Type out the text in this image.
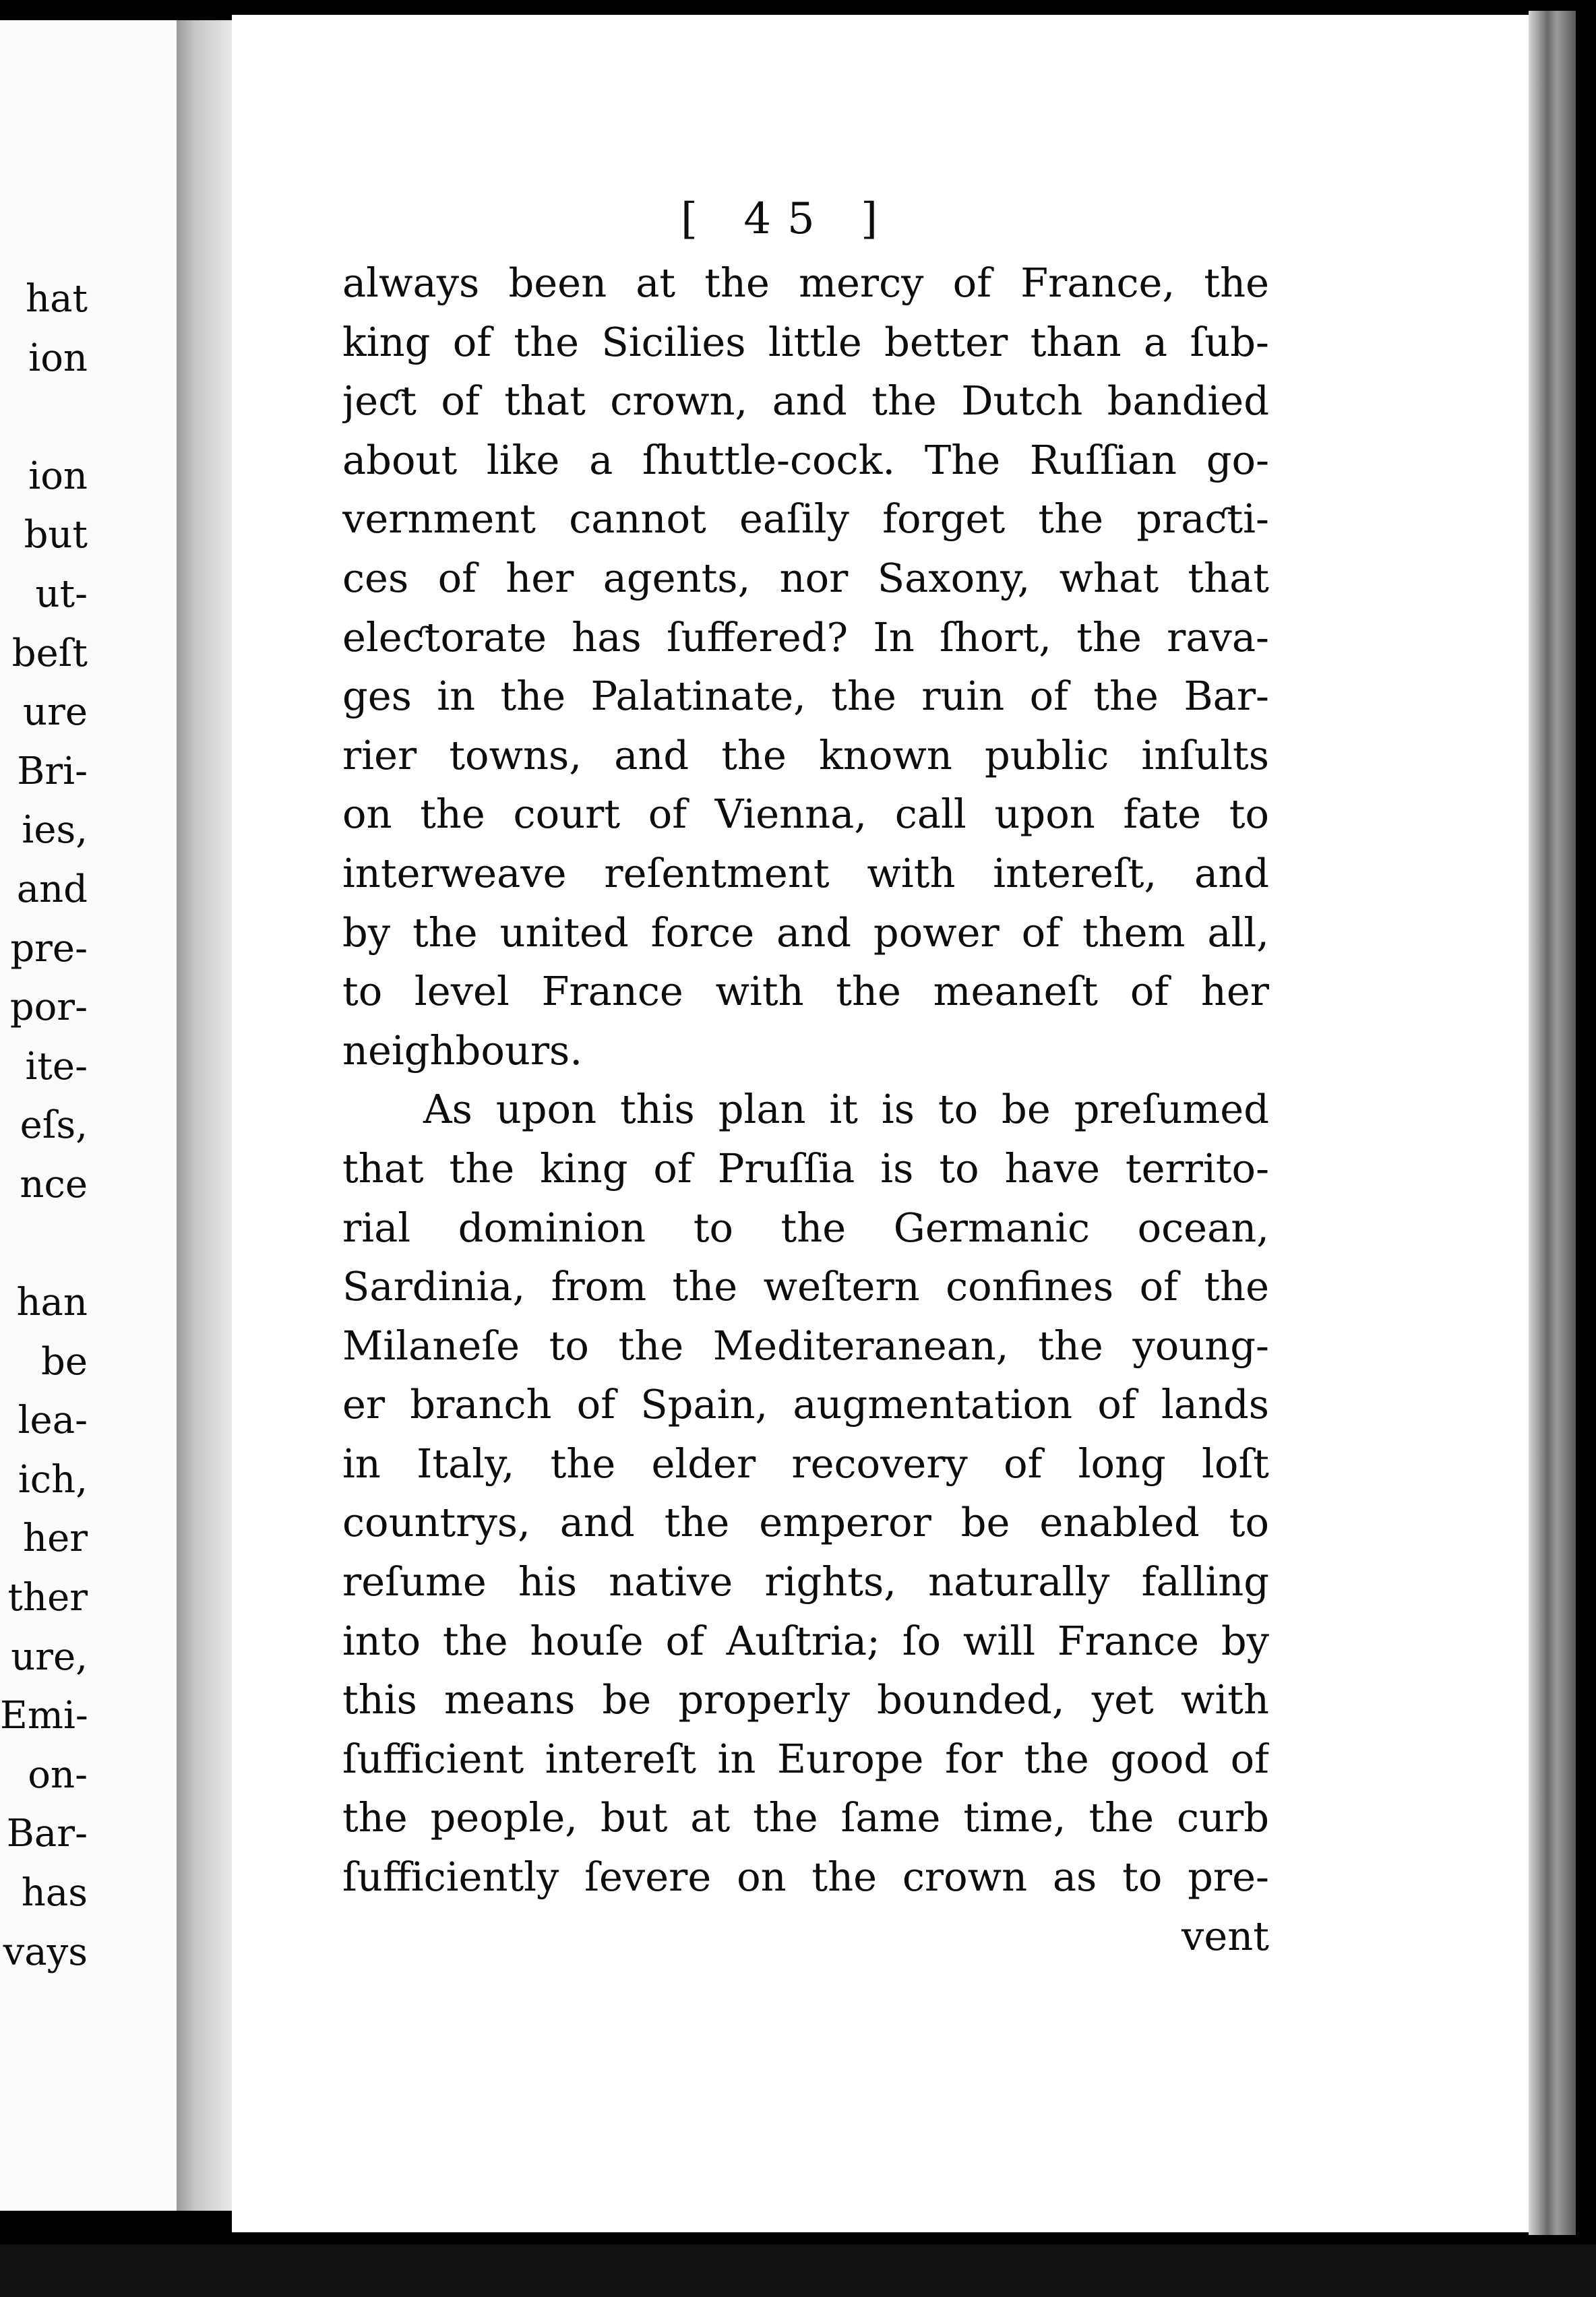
hat
ion
ion
but
ut-
beſt
ure
Bri-
ies,
and
pre-
por-
ite-
eſs,
nce
han
be
lea-
ich,
her
ther
ure,
Emi-
on-
Bar-
has
vays
[ 45 ]
always been at the mercy of France, the
king of the Sicilies little better than a ſub-
jeƈt of that crown, and the Dutch bandied
about like a ſhuttle-cock. The Ruſſian go-
vernment cannot eaſily forget the praƈti-
ces of her agents, nor Saxony, what that
eleƈtorate has ſuffered? In ſhort, the rava-
ges in the Palatinate, the ruin of the Bar-
rier towns, and the known public inſults
on the court of Vienna, call upon fate to
interweave reſentment with intereſt, and
by the united force and power of them all,
to level France with the meaneſt of her
neighbours.
As upon this plan it is to be preſumed
that the king of Pruſſia is to have territo-
rial dominion to the Germanic ocean,
Sardinia, from the weſtern confines of the
Milaneſe to the Mediteranean, the young-
er branch of Spain, augmentation of lands
in Italy, the elder recovery of long loſt
countrys, and the emperor be enabled to
reſume his native rights, naturally falling
into the houſe of Auſtria; ſo will France by
this means be properly bounded, yet with
ſufficient intereſt in Europe for the good of
the people, but at the ſame time, the curb
ſufficiently ſevere on the crown as to pre-
vent
